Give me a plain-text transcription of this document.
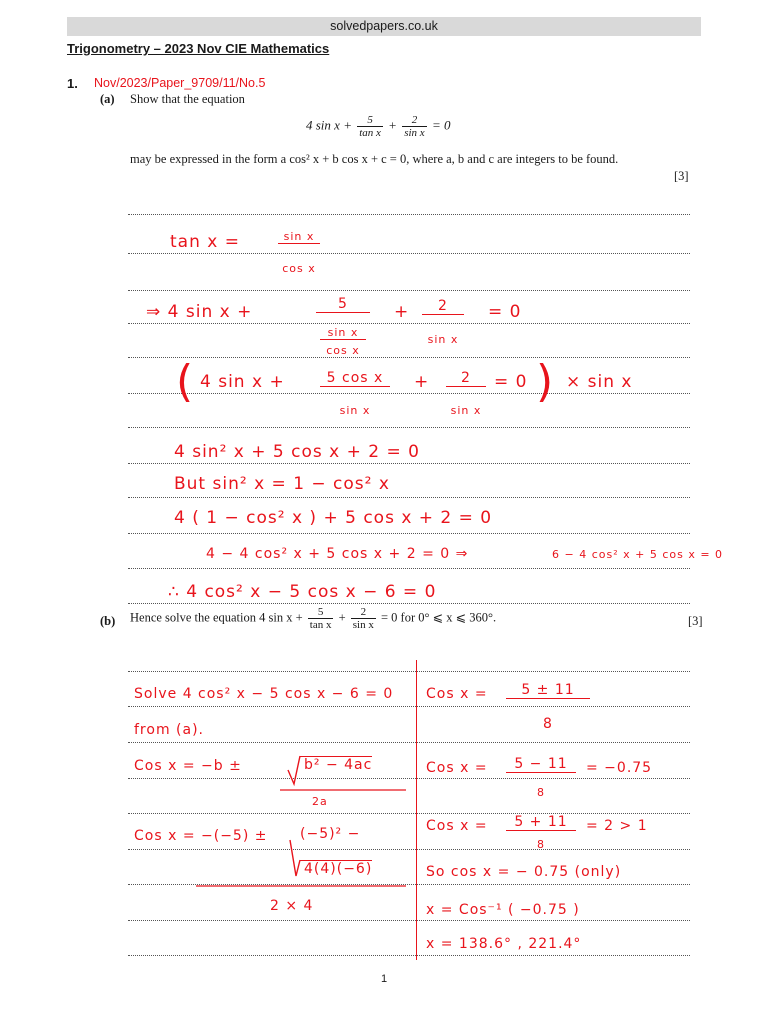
solvedpapers.co.uk
Trigonometry – 2023 Nov CIE Mathematics
1. Nov/2023/Paper_9709/11/No.5
(a) Show that the equation
4 $\sin x + \frac{5}{\text{tan x}} + \frac{2}{\text{sin x}} = 0$
may be expressed in the form a cos² x + b cos x + c = 0, where a, b and c are integers to be found.
[3]
tan x =	sin x
cos x
⇒ 4 sin x +	5
sin x
cos x
+	2
sin x
= 0
( 4 sin x +	5 cos x
sin x
+	2
sin x
= 0 ) × sin x
4 sin² x + 5 cos x + 2 = 0
But sin² x = 1 − cos² x
4 ( 1 − cos² x ) + 5 cos x + 2 = 0
4 − 4 cos² x + 5 cos x + 2 = 0 ⇒	6 − 4 cos² x + 5 cos x = 0
∴ 4 cos² x − 5 cos x − 6 = 0
(b) Hence solve the equation 4 $\sin x + \frac{5}{\text{tan x}} + \frac{2}{\text{sin x}} = 0$ for 0° ⩽ x ⩽ 360°.	[3]
Solve 4 cos² x − 5 cos x − 6 = 0
from (a).
Cos x = −b ±	b² − 4ac
2a
Cos x = −(−5) ± (−5)² −
4(4)(−6)
2 × 4
Cos x =	5 ± 11
8
Cos x =	5 − 11
8
= −0.75
Cos x =	5 + 11
8
= 2 > 1
So cos x = − 0.75 (only)
x = Cos⁻¹ ( −0.75 )
x = 138.6° , 221.4°
1
